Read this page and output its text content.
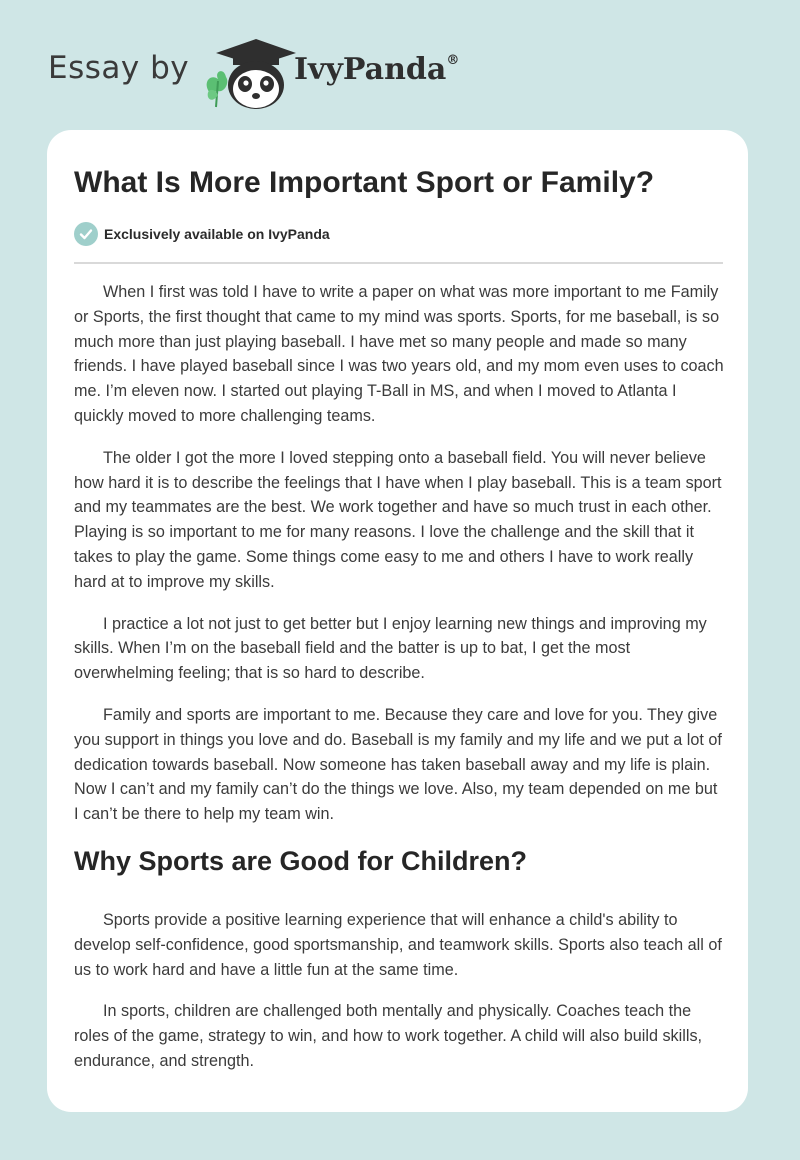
Essay by	IvyPanda®
What Is More Important Sport or Family?
Exclusively available on IvyPanda

When I first was told I have to write a paper on what was more important to me Family or Sports, the first thought that came to my mind was sports. Sports, for me baseball, is so much more than just playing baseball. I have met so many people and made so many friends. I have played baseball since I was two years old, and my mom even uses to coach me. I’m eleven now. I started out playing T-Ball in MS, and when I moved to Atlanta I quickly moved to more challenging teams.

The older I got the more I loved stepping onto a baseball field. You will never believe how hard it is to describe the feelings that I have when I play baseball. This is a team sport and my teammates are the best. We work together and have so much trust in each other. Playing is so important to me for many reasons. I love the challenge and the skill that it takes to play the game. Some things come easy to me and others I have to work really hard at to improve my skills.

I practice a lot not just to get better but I enjoy learning new things and improving my skills. When I’m on the baseball field and the batter is up to bat, I get the most overwhelming feeling; that is so hard to describe.

Family and sports are important to me. Because they care and love for you. They give you support in things you love and do. Baseball is my family and my life and we put a lot of dedication towards baseball. Now someone has taken baseball away and my life is plain. Now I can’t and my family can’t do the things we love. Also, my team depended on me but I can’t be there to help my team win.

Why Sports are Good for Children?

Sports provide a positive learning experience that will enhance a child's ability to develop self-confidence, good sportsmanship, and teamwork skills. Sports also teach all of us to work hard and have a little fun at the same time.

In sports, children are challenged both mentally and physically. Coaches teach the roles of the game, strategy to win, and how to work together. A child will also build skills, endurance, and strength.
